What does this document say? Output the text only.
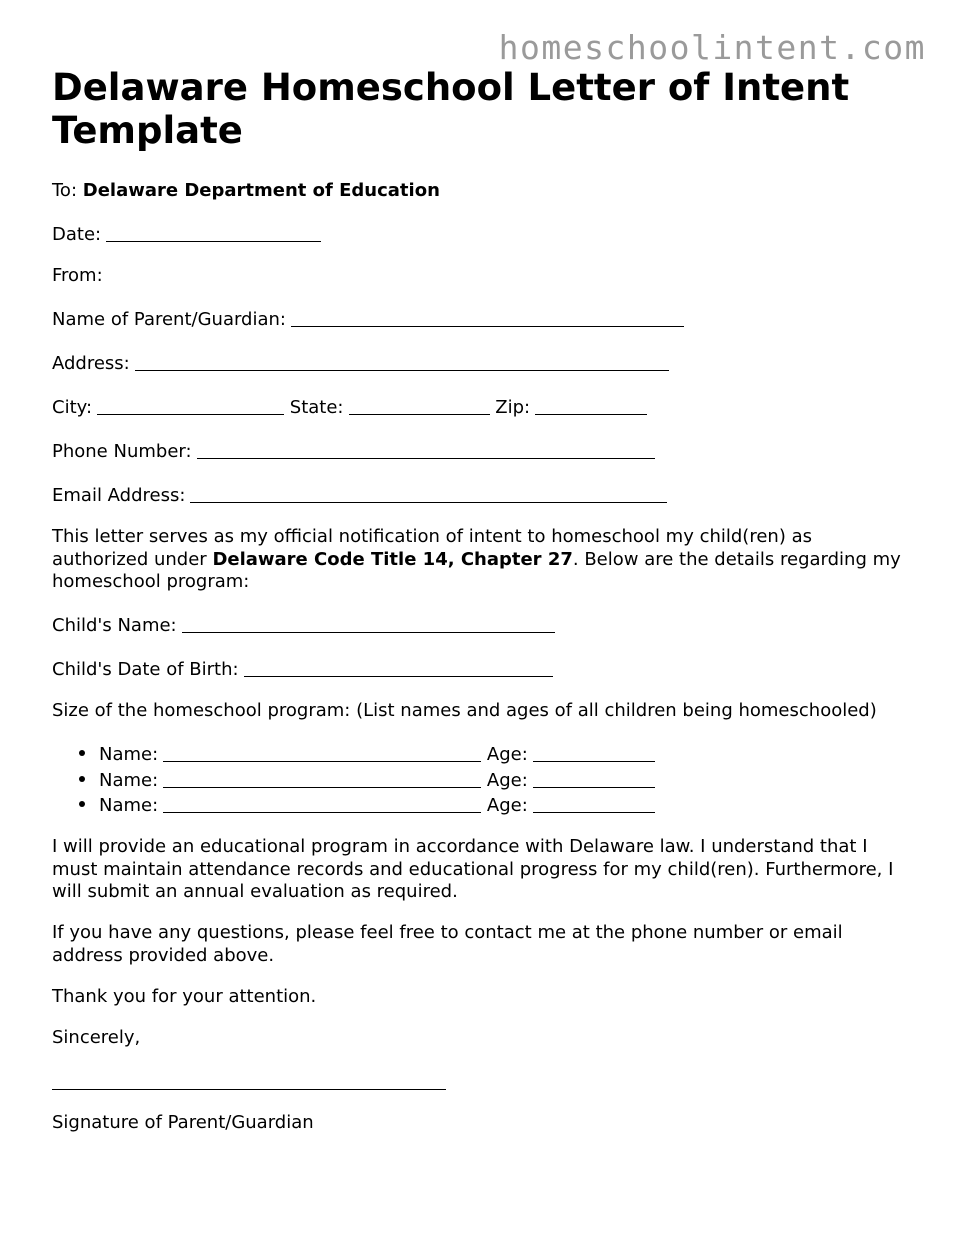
homeschoolintent.com
Delaware Homeschool Letter of Intent Template

To: Delaware Department of Education

Date:

From:

Name of Parent/Guardian:

Address:

City:	State:	Zip:

Phone Number:

Email Address:

This letter serves as my official notification of intent to homeschool my child(ren) as authorized under Delaware Code Title 14, Chapter 27. Below are the details regarding my homeschool program:

Child's Name:

Child's Date of Birth:

Size of the homeschool program: (List names and ages of all children being homeschooled)

Name:	Age:
Name:	Age:
Name:	Age:

I will provide an educational program in accordance with Delaware law. I understand that I must maintain attendance records and educational progress for my child(ren). Furthermore, I will submit an annual evaluation as required.

If you have any questions, please feel free to contact me at the phone number or email address provided above.

Thank you for your attention.

Sincerely,

Signature of Parent/Guardian
